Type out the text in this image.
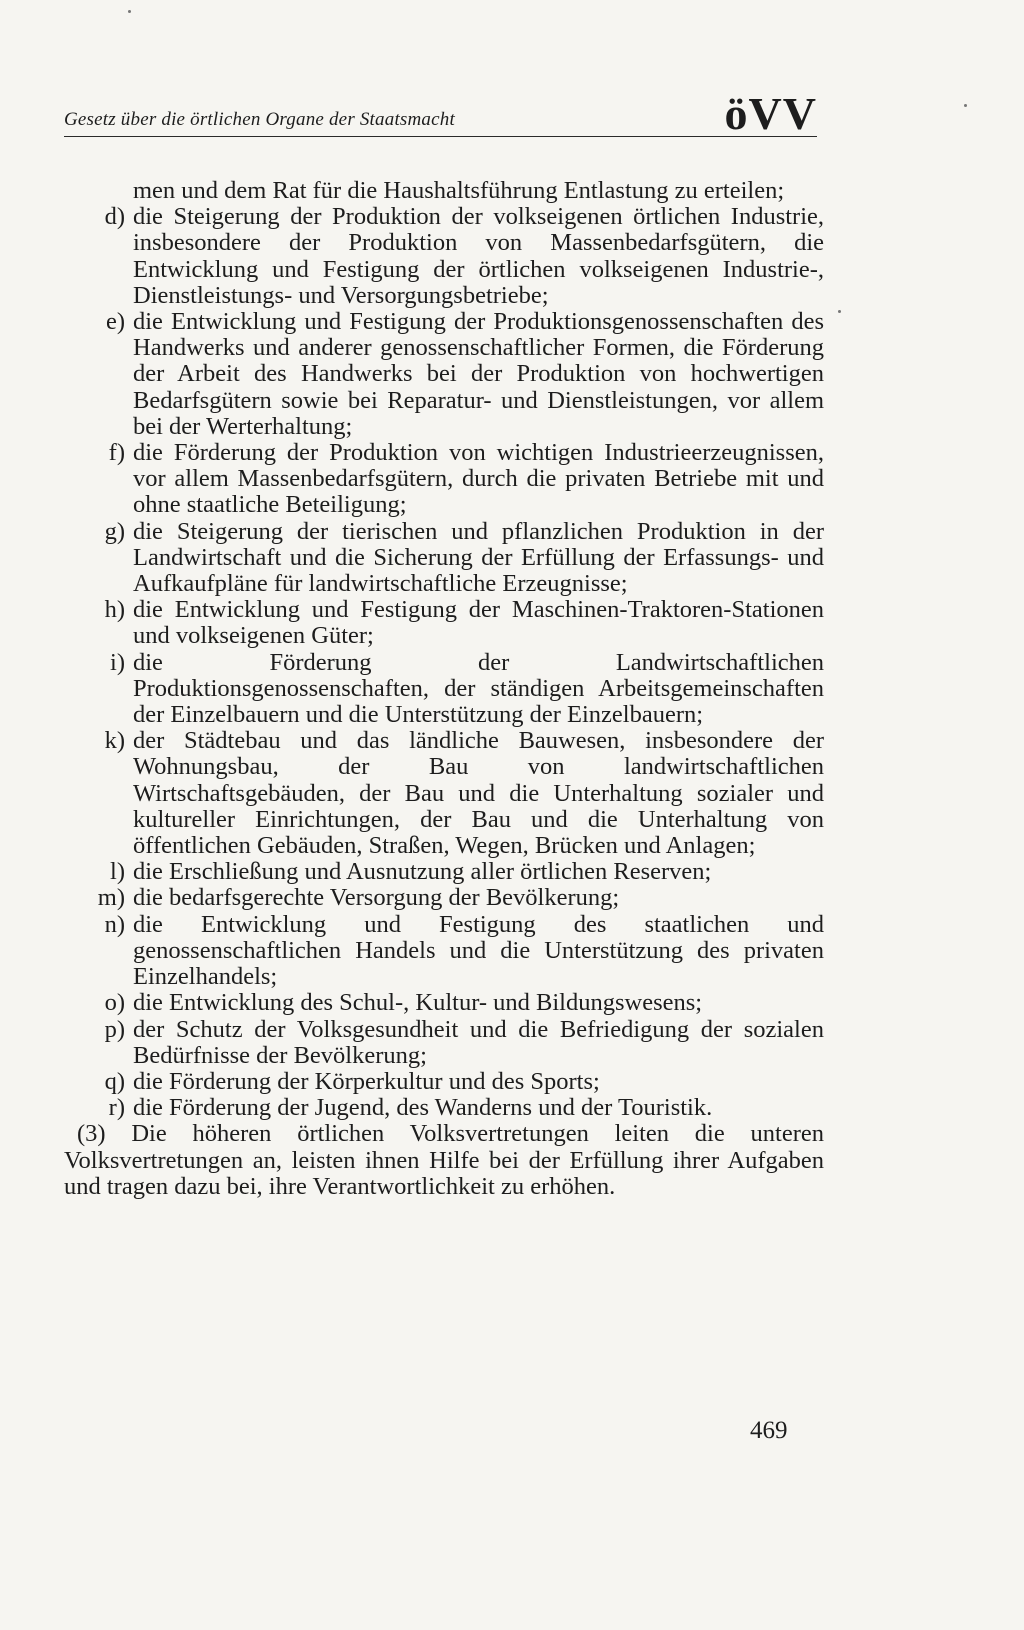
Gesetz über die örtlichen Organe der Staatsmacht	öVV
men und dem Rat für die Haushaltsführung Entlastung zu erteilen;
d) die Steigerung der Produktion der volkseigenen örtlichen Industrie, insbesondere der Produktion von Massenbedarfsgütern, die Entwicklung und Festigung der örtlichen volkseigenen Industrie-, Dienstleistungs- und Versorgungsbetriebe;
e) die Entwicklung und Festigung der Produktionsgenossenschaften des Handwerks und anderer genossenschaftlicher Formen, die Förderung der Arbeit des Handwerks bei der Produktion von hochwertigen Bedarfsgütern sowie bei Reparatur- und Dienstleistungen, vor allem bei der Werterhaltung;
f) die Förderung der Produktion von wichtigen Industrieerzeugnissen, vor allem Massenbedarfsgütern, durch die privaten Betriebe mit und ohne staatliche Beteiligung;
g) die Steigerung der tierischen und pflanzlichen Produktion in der Landwirtschaft und die Sicherung der Erfüllung der Erfassungs- und Aufkaufpläne für landwirtschaftliche Erzeugnisse;
h) die Entwicklung und Festigung der Maschinen-Traktoren-Stationen und volkseigenen Güter;
i) die Förderung der Landwirtschaftlichen Produktionsgenossenschaften, der ständigen Arbeitsgemeinschaften der Einzelbauern und die Unterstützung der Einzelbauern;
k) der Städtebau und das ländliche Bauwesen, insbesondere der Wohnungsbau, der Bau von landwirtschaftlichen Wirtschaftsgebäuden, der Bau und die Unterhaltung sozialer und kultureller Einrichtungen, der Bau und die Unterhaltung von öffentlichen Gebäuden, Straßen, Wegen, Brücken und Anlagen;
l) die Erschließung und Ausnutzung aller örtlichen Reserven;
m) die bedarfsgerechte Versorgung der Bevölkerung;
n) die Entwicklung und Festigung des staatlichen und genossenschaftlichen Handels und die Unterstützung des privaten Einzelhandels;
o) die Entwicklung des Schul-, Kultur- und Bildungswesens;
p) der Schutz der Volksgesundheit und die Befriedigung der sozialen Bedürfnisse der Bevölkerung;
q) die Förderung der Körperkultur und des Sports;
r) die Förderung der Jugend, des Wanderns und der Touristik.
(3) Die höheren örtlichen Volksvertretungen leiten die unteren Volksvertretungen an, leisten ihnen Hilfe bei der Erfüllung ihrer Aufgaben und tragen dazu bei, ihre Verantwortlichkeit zu erhöhen.
469
